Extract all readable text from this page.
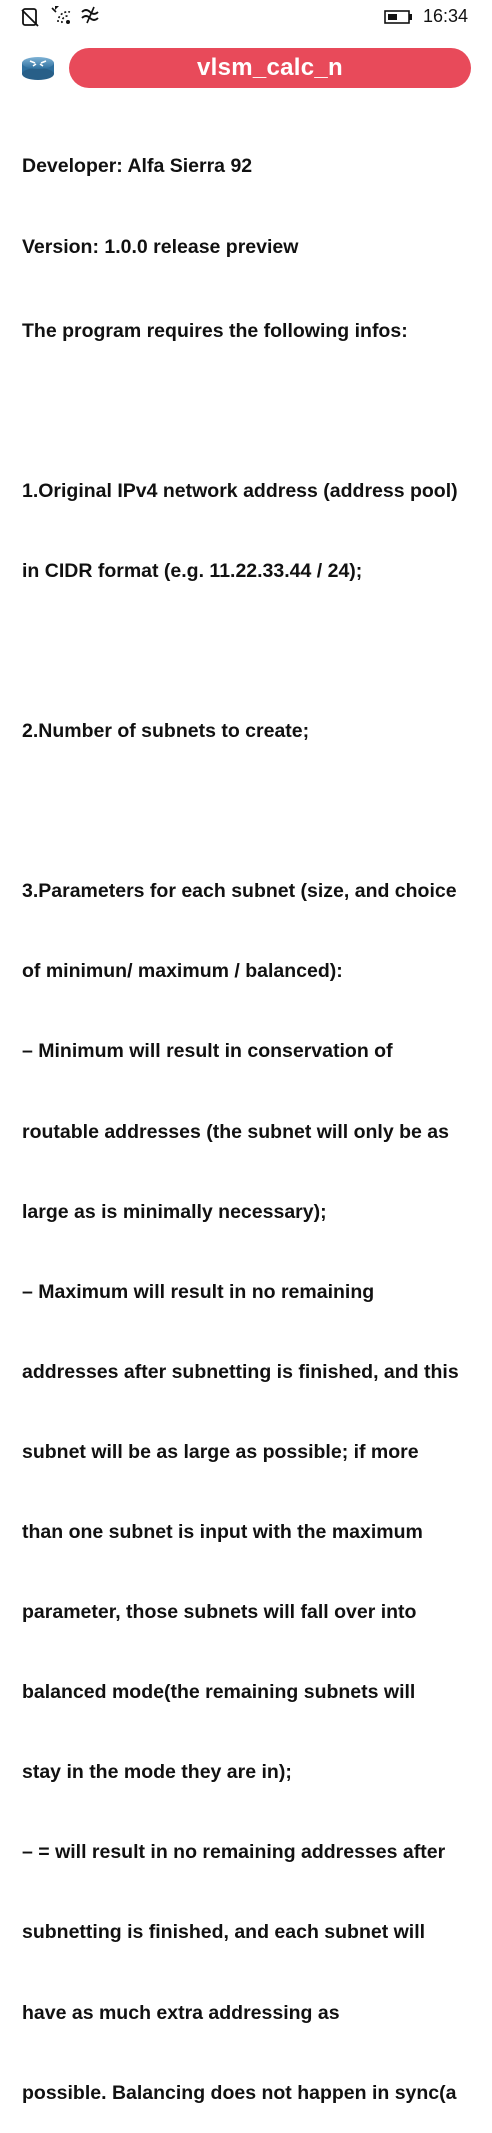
16:34
vlsm_calc_n

Developer: Alfa Sierra 92

Version: 1.0.0 release preview

The program requires the following infos:

1.Original IPv4 network address (address pool)

in CIDR format (e.g. 11.22.33.44 / 24);

2.Number of subnets to create;

3.Parameters for each subnet (size, and choice

of minimun/ maximum / balanced):

– Minimum will result in conservation of

routable addresses (the subnet will only be as

large as is minimally necessary);

– Maximum will result in no remaining

addresses after subnetting is finished, and this

subnet will be as large as possible; if more

than one subnet is input with the maximum

parameter, those subnets will fall over into

balanced mode(the remaining subnets will

stay in the mode they are in);

– = will result in no remaining addresses after

subnetting is finished, and each subnet will

have as much extra addressing as

possible. Balancing does not happen in sync(a
